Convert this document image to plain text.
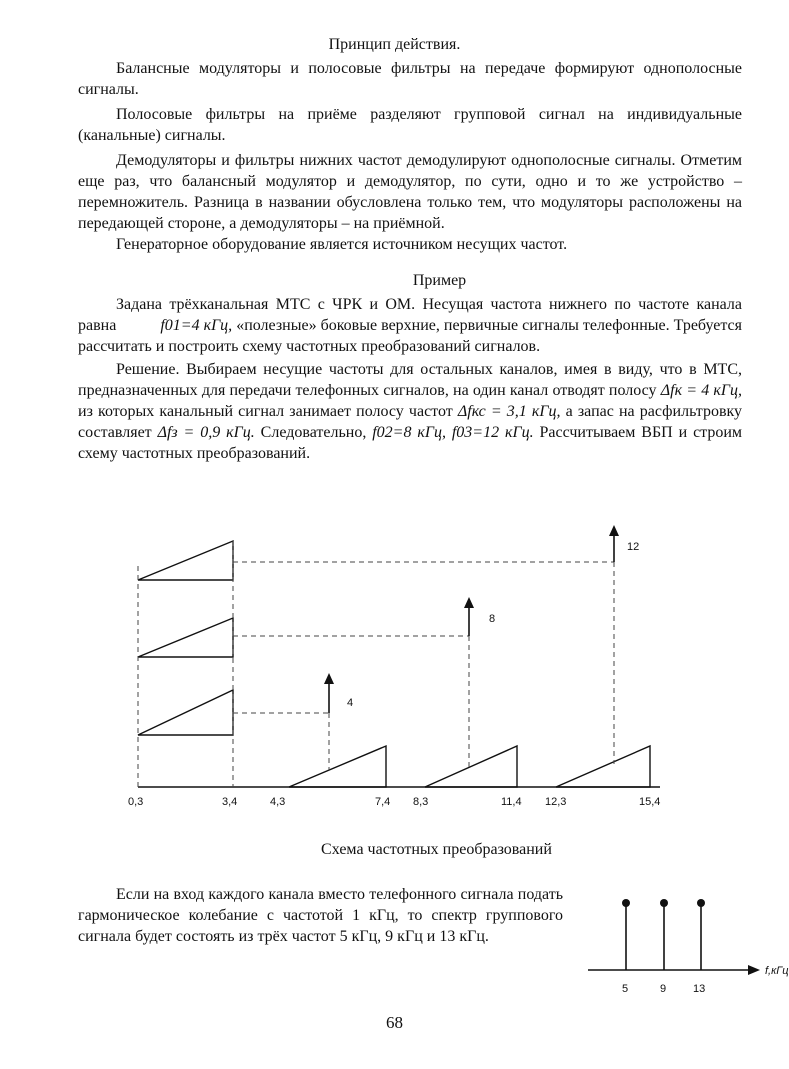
Принцип действия.

Балансные модуляторы и полосовые фильтры на передаче формируют однополосные сигналы.

Полосовые фильтры на приёме разделяют групповой сигнал на индивидуальные (канальные) сигналы.

Демодуляторы и фильтры нижних частот демодулируют однополосные сигналы. Отметим еще раз, что балансный модулятор и демодулятор, по сути, одно и то же устройство – перемножитель. Разница в названии обусловлена только тем, что модуляторы расположены на передающей стороне, а демодуляторы – на приёмной.

Генераторное оборудование является источником несущих частот.

Пример

Задана трёхканальная МТС с ЧРК и ОМ. Несущая частота нижнего по частоте канала равна	f01=4 кГц, «полезные» боковые верхние, первичные сигналы телефонные. Требуется рассчитать и построить схему частотных преобразований сигналов.

Решение. Выбираем несущие частоты для остальных каналов, имея в виду, что в МТС, предназначенных для передачи телефонных сигналов, на один канал отводят полосу Δfк = 4 кГц, из которых канальный сигнал занимает полосу частот Δfкс = 3,1 кГц, а запас на расфильтровку составляет Δfз = 0,9 кГц. Следовательно, f02=8 кГц, f03=12 кГц. Рассчитываем ВБП и строим схему частотных преобразований.

4
8
12
0,3	3,4	4,3	7,4 8,3	11,4 12,3	15,4
5	9 13
f,кГц
Схема частотных преобразований
Если на вход каждого канала вместо телефонного сигнала подать гармоническое колебание с частотой 1 кГц, то спектр группового сигнала будет состоять из трёх частот 5 кГц, 9 кГц и 13 кГц.
68
